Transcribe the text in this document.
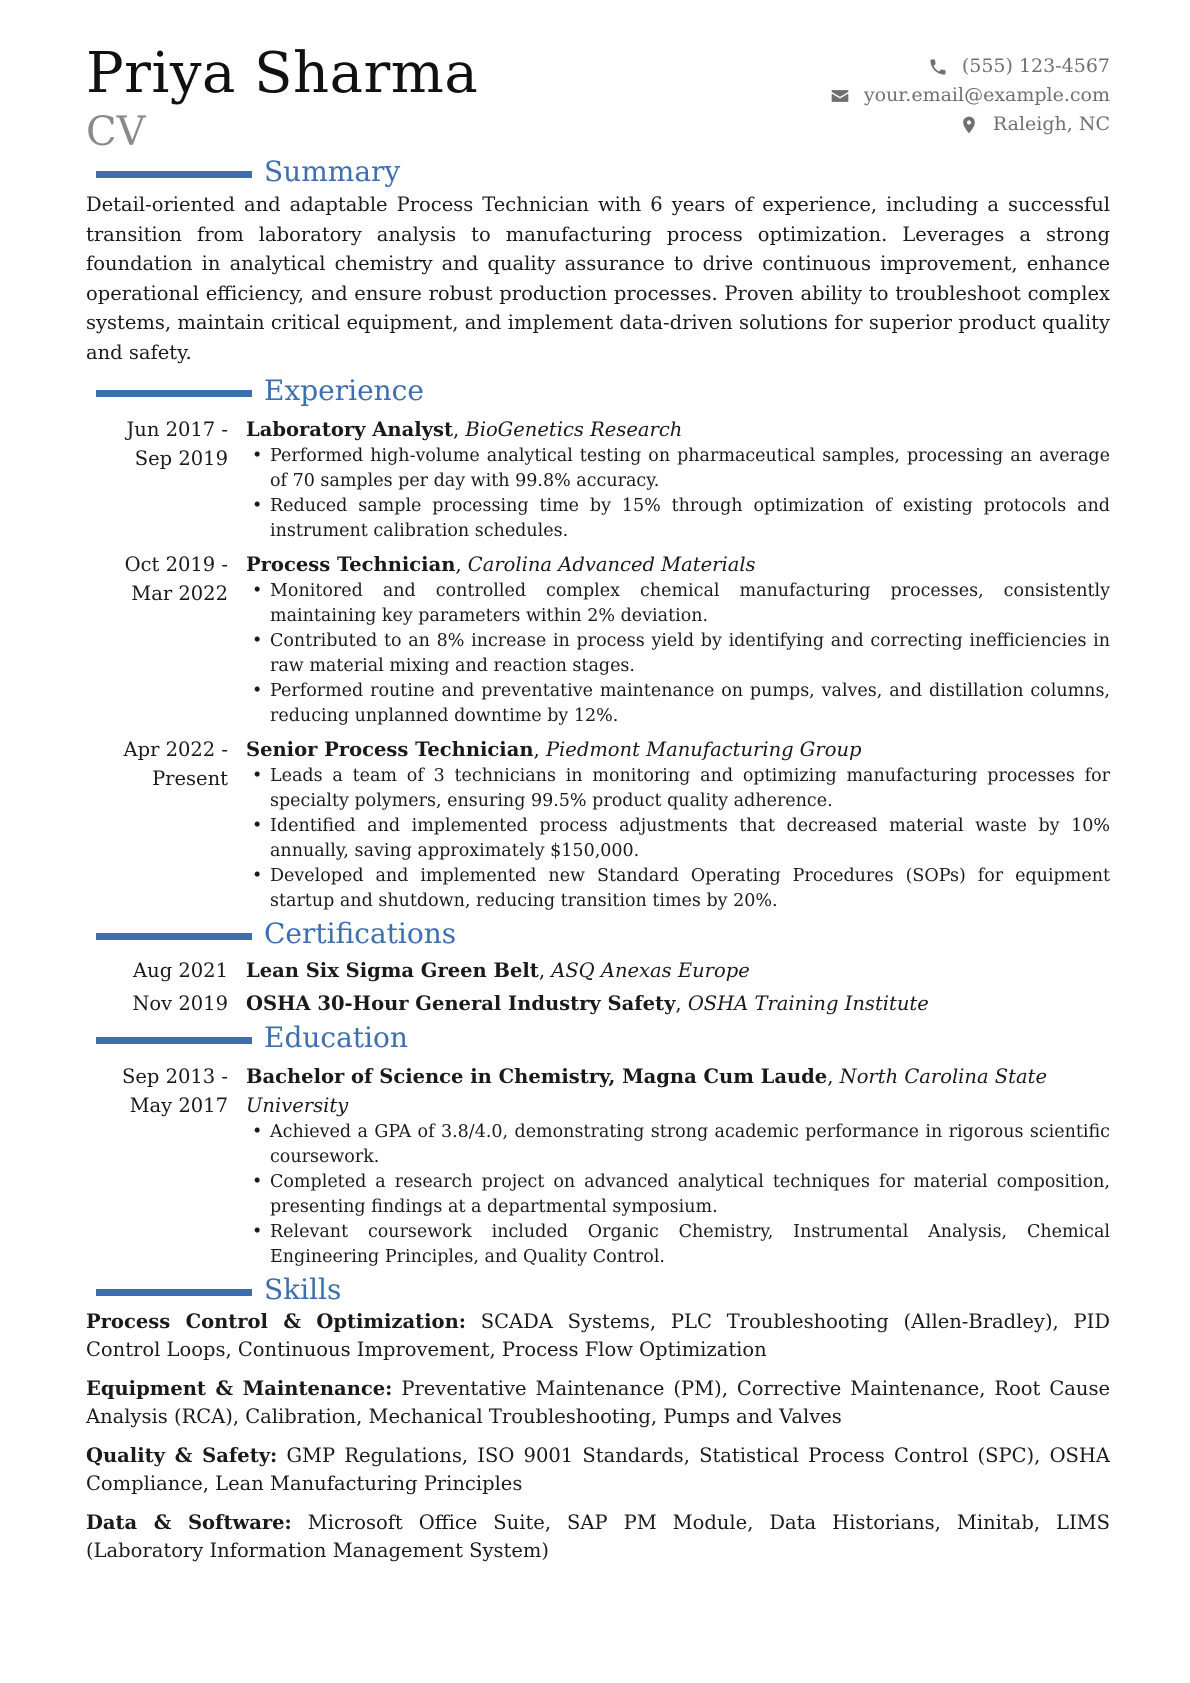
Priya Sharma
CV
(555) 123-4567
your.email@example.com
Raleigh, NC
Summary

Detail-oriented and adaptable Process Technician with 6 years of experience, including a successful transition from laboratory analysis to manufacturing process optimization. Leverages a strong foundation in analytical chemistry and quality assurance to drive continuous improvement, enhance operational efficiency, and ensure robust production processes. Proven ability to troubleshoot complex systems, maintain critical equipment, and implement data-driven solutions for superior product quality and safety.

Experience
Jun 2017 - Sep 2019
Laboratory Analyst, BioGenetics Research
• Performed high-volume analytical testing on pharmaceutical samples, processing an average of 70 samples per day with 99.8% accuracy.
• Reduced sample processing time by 15% through optimization of existing protocols and instrument calibration schedules.
Oct 2019 - Mar 2022
Process Technician, Carolina Advanced Materials
• Monitored and controlled complex chemical manufacturing processes, consistently maintaining key parameters within 2% deviation.
• Contributed to an 8% increase in process yield by identifying and correcting inefficiencies in raw material mixing and reaction stages.
• Performed routine and preventative maintenance on pumps, valves, and distillation columns, reducing unplanned downtime by 12%.
Apr 2022 - Present
Senior Process Technician, Piedmont Manufacturing Group
• Leads a team of 3 technicians in monitoring and optimizing manufacturing processes for specialty polymers, ensuring 99.5% product quality adherence.
• Identified and implemented process adjustments that decreased material waste by 10% annually, saving approximately $150,000.
• Developed and implemented new Standard Operating Procedures (SOPs) for equipment startup and shutdown, reducing transition times by 20%.
Certifications
Aug 2021 Lean Six Sigma Green Belt, ASQ Anexas Europe
Nov 2019 OSHA 30-Hour General Industry Safety, OSHA Training Institute
Education
Sep 2013 - May 2017
Bachelor of Science in Chemistry, Magna Cum Laude, North Carolina State University
• Achieved a GPA of 3.8/4.0, demonstrating strong academic performance in rigorous scientific coursework.
• Completed a research project on advanced analytical techniques for material composition, presenting findings at a departmental symposium.
• Relevant coursework included Organic Chemistry, Instrumental Analysis, Chemical Engineering Principles, and Quality Control.
Skills

Process Control & Optimization: SCADA Systems, PLC Troubleshooting (Allen-Bradley), PID Control Loops, Continuous Improvement, Process Flow Optimization

Equipment & Maintenance: Preventative Maintenance (PM), Corrective Maintenance, Root Cause Analysis (RCA), Calibration, Mechanical Troubleshooting, Pumps and Valves

Quality & Safety: GMP Regulations, ISO 9001 Standards, Statistical Process Control (SPC), OSHA Compliance, Lean Manufacturing Principles

Data & Software: Microsoft Office Suite, SAP PM Module, Data Historians, Minitab, LIMS (Laboratory Information Management System)
